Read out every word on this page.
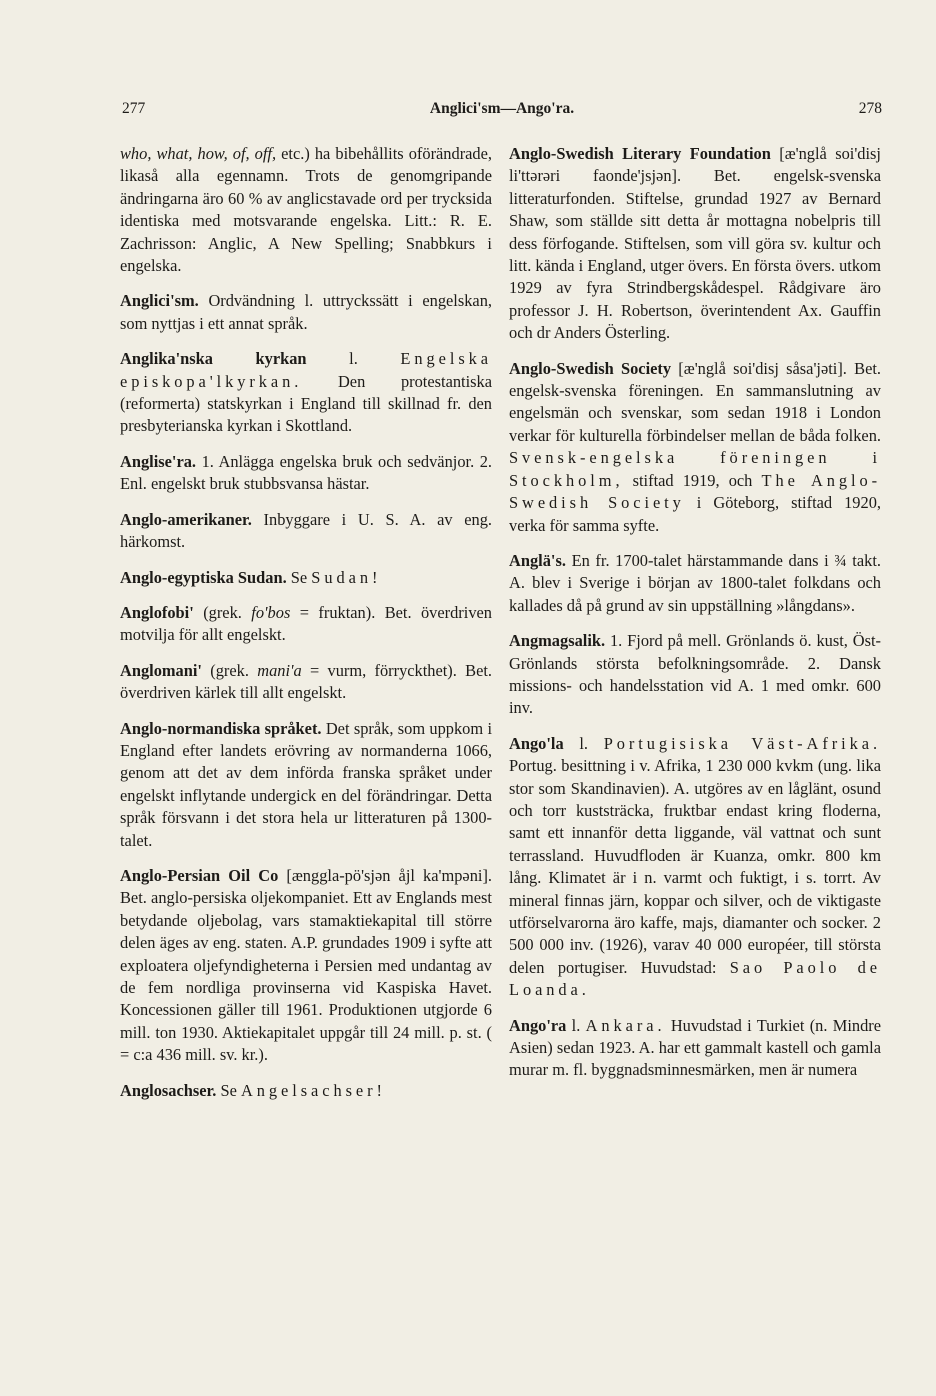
277	Anglici'sm—Ango'ra.	278

who, what, how, of, off, etc.) ha bibehållits oförändrade, likaså alla egennamn. Trots de genomgripande ändringarna äro 60 % av anglicstavade ord per trycksida identiska med motsvarande engelska. Litt.: R. E. Zachrisson: Anglic, A New Spelling; Snabbkurs i engelska.

Anglici'sm. Ordvändning l. uttryckssätt i engelskan, som nyttjas i ett annat språk.

Anglika'nska kyrkan l. Engelska episkopa'lkyrkan. Den protestantiska (reformerta) statskyrkan i England till skillnad fr. den presbyterianska kyrkan i Skottland.

Anglise'ra. 1. Anlägga engelska bruk och sedvänjor. 2. Enl. engelskt bruk stubbsvansa hästar.

Anglo-amerikaner. Inbyggare i U. S. A. av eng. härkomst.

Anglo-egyptiska Sudan. Se Sudan!

Anglofobi' (grek. fo'bos = fruktan). Bet. överdriven motvilja för allt engelskt.

Anglomani' (grek. mani'a = vurm, förryckthet). Bet. överdriven kärlek till allt engelskt.

Anglo-normandiska språket. Det språk, som uppkom i England efter landets erövring av normanderna 1066, genom att det av dem införda franska språket under engelskt inflytande undergick en del förändringar. Detta språk försvann i det stora hela ur litteraturen på 1300-talet.

Anglo-Persian Oil Co [ænggla-pö'sjən åjl ka'mpəni]. Bet. anglo-persiska oljekompaniet. Ett av Englands mest betydande oljebolag, vars stamaktiekapital till större delen äges av eng. staten. A.P. grundades 1909 i syfte att exploatera oljefyndigheterna i Persien med undantag av de fem nordliga provinserna vid Kaspiska Havet. Koncessionen gäller till 1961. Produktionen utgjorde 6 mill. ton 1930. Aktiekapitalet uppgår till 24 mill. p. st. ( = c:a 436 mill. sv. kr.).

Anglosachser. Se Angelsachser!

Anglo-Swedish Literary Foundation [æ'nglå soi'disj li'ttərəri faonde'jsjən]. Bet. engelsk-svenska litteraturfonden. Stiftelse, grundad 1927 av Bernard Shaw, som ställde sitt detta år mottagna nobelpris till dess förfogande. Stiftelsen, som vill göra sv. kultur och litt. kända i England, utger övers. En första övers. utkom 1929 av fyra Strindbergskådespel. Rådgivare äro professor J. H. Robertson, överintendent Ax. Gauffin och dr Anders Österling.

Anglo-Swedish Society [æ'nglå soi'disj såsa'jəti]. Bet. engelsk-svenska föreningen. En sammanslutning av engelsmän och svenskar, som sedan 1918 i London verkar för kulturella förbindelser mellan de båda folken. Svensk-engelska föreningen i Stockholm, stiftad 1919, och The Anglo-Swedish Society i Göteborg, stiftad 1920, verka för samma syfte.

Anglä's. En fr. 1700-talet härstammande dans i ¾ takt. A. blev i Sverige i början av 1800-talet folkdans och kallades då på grund av sin uppställning »långdans».

Angmagsalik. 1. Fjord på mell. Grönlands ö. kust, Öst-Grönlands största befolkningsområde. 2. Dansk missions- och handelsstation vid A. 1 med omkr. 600 inv.

Ango'la l. Portugisiska Väst-Afrika. Portug. besittning i v. Afrika, 1 230 000 kvkm (ung. lika stor som Skandinavien). A. utgöres av en låglänt, osund och torr kuststräcka, fruktbar endast kring floderna, samt ett innanför detta liggande, väl vattnat och sunt terrassland. Huvudfloden är Kuanza, omkr. 800 km lång. Klimatet är i n. varmt och fuktigt, i s. torrt. Av mineral finnas järn, koppar och silver, och de viktigaste utförselvarorna äro kaffe, majs, diamanter och socker. 2 500 000 inv. (1926), varav 40 000 européer, till största delen portugiser. Huvudstad: Sao Paolo de Loanda.

Ango'ra l. Ankara. Huvudstad i Turkiet (n. Mindre Asien) sedan 1923. A. har ett gammalt kastell och gamla murar m. fl. byggnadsminnesmärken, men är numera
